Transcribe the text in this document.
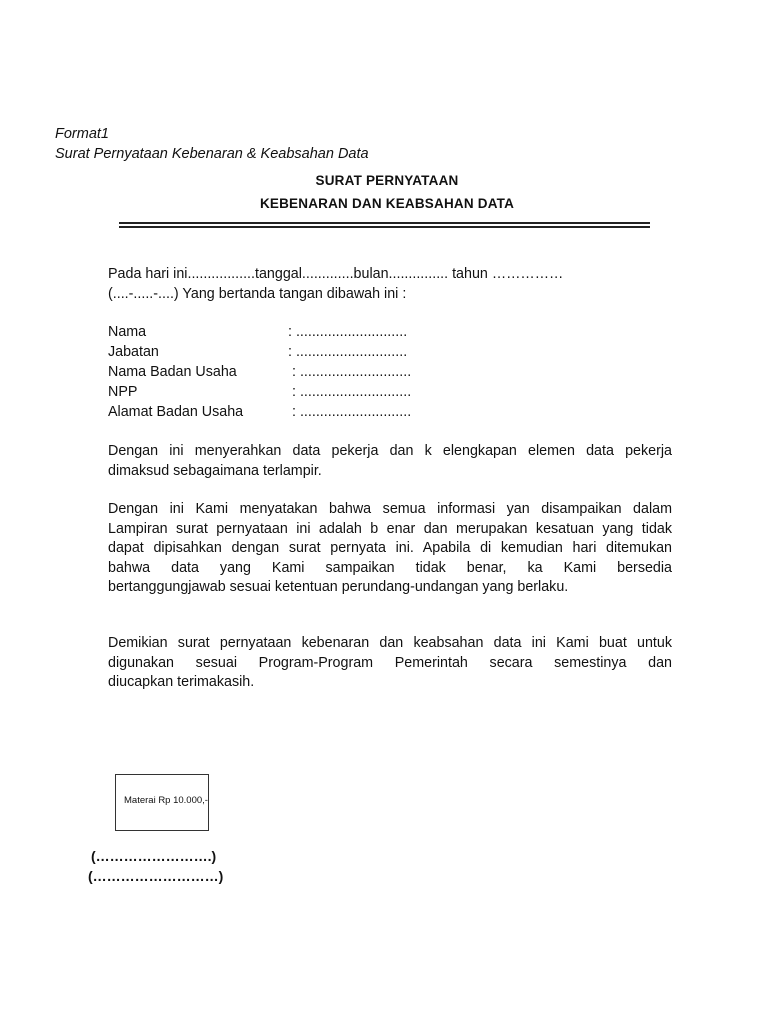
Format1
Surat Pernyataan Kebenaran & Keabsahan Data
SURAT PERNYATAAN
KEBENARAN DAN KEABSAHAN DATA
Pada hari ini.................tanggal.............bulan............... tahun ……………
(....-.....-....) Yang bertanda tangan dibawah ini :
Nama	: ............................
Jabatan	: ............................
Nama Badan Usaha	: ............................
NPP	: ............................
Alamat Badan Usaha	: ............................
Dengan ini menyerahkan data pekerja dan k elengkapan elemen data pekerja
dimaksud sebagaimana terlampir.
Dengan ini Kami menyatakan bahwa semua informasi yan disampaikan dalam
Lampiran surat pernyataan ini adalah b enar dan merupakan kesatuan yang tidak
dapat dipisahkan dengan surat pernyata ini. Apabila di kemudian hari ditemukan
bahwa data yang Kami sampaikan tidak benar, ka Kami bersedia
bertanggungjawab sesuai ketentuan perundang-undangan yang berlaku.
Demikian surat pernyataan kebenaran dan keabsahan data ini Kami buat untuk
digunakan sesuai Program-Program Pemerintah secara semestinya dan
diucapkan terimakasih.
Materai Rp 10.000,-
(…………………….)
(………………………)
